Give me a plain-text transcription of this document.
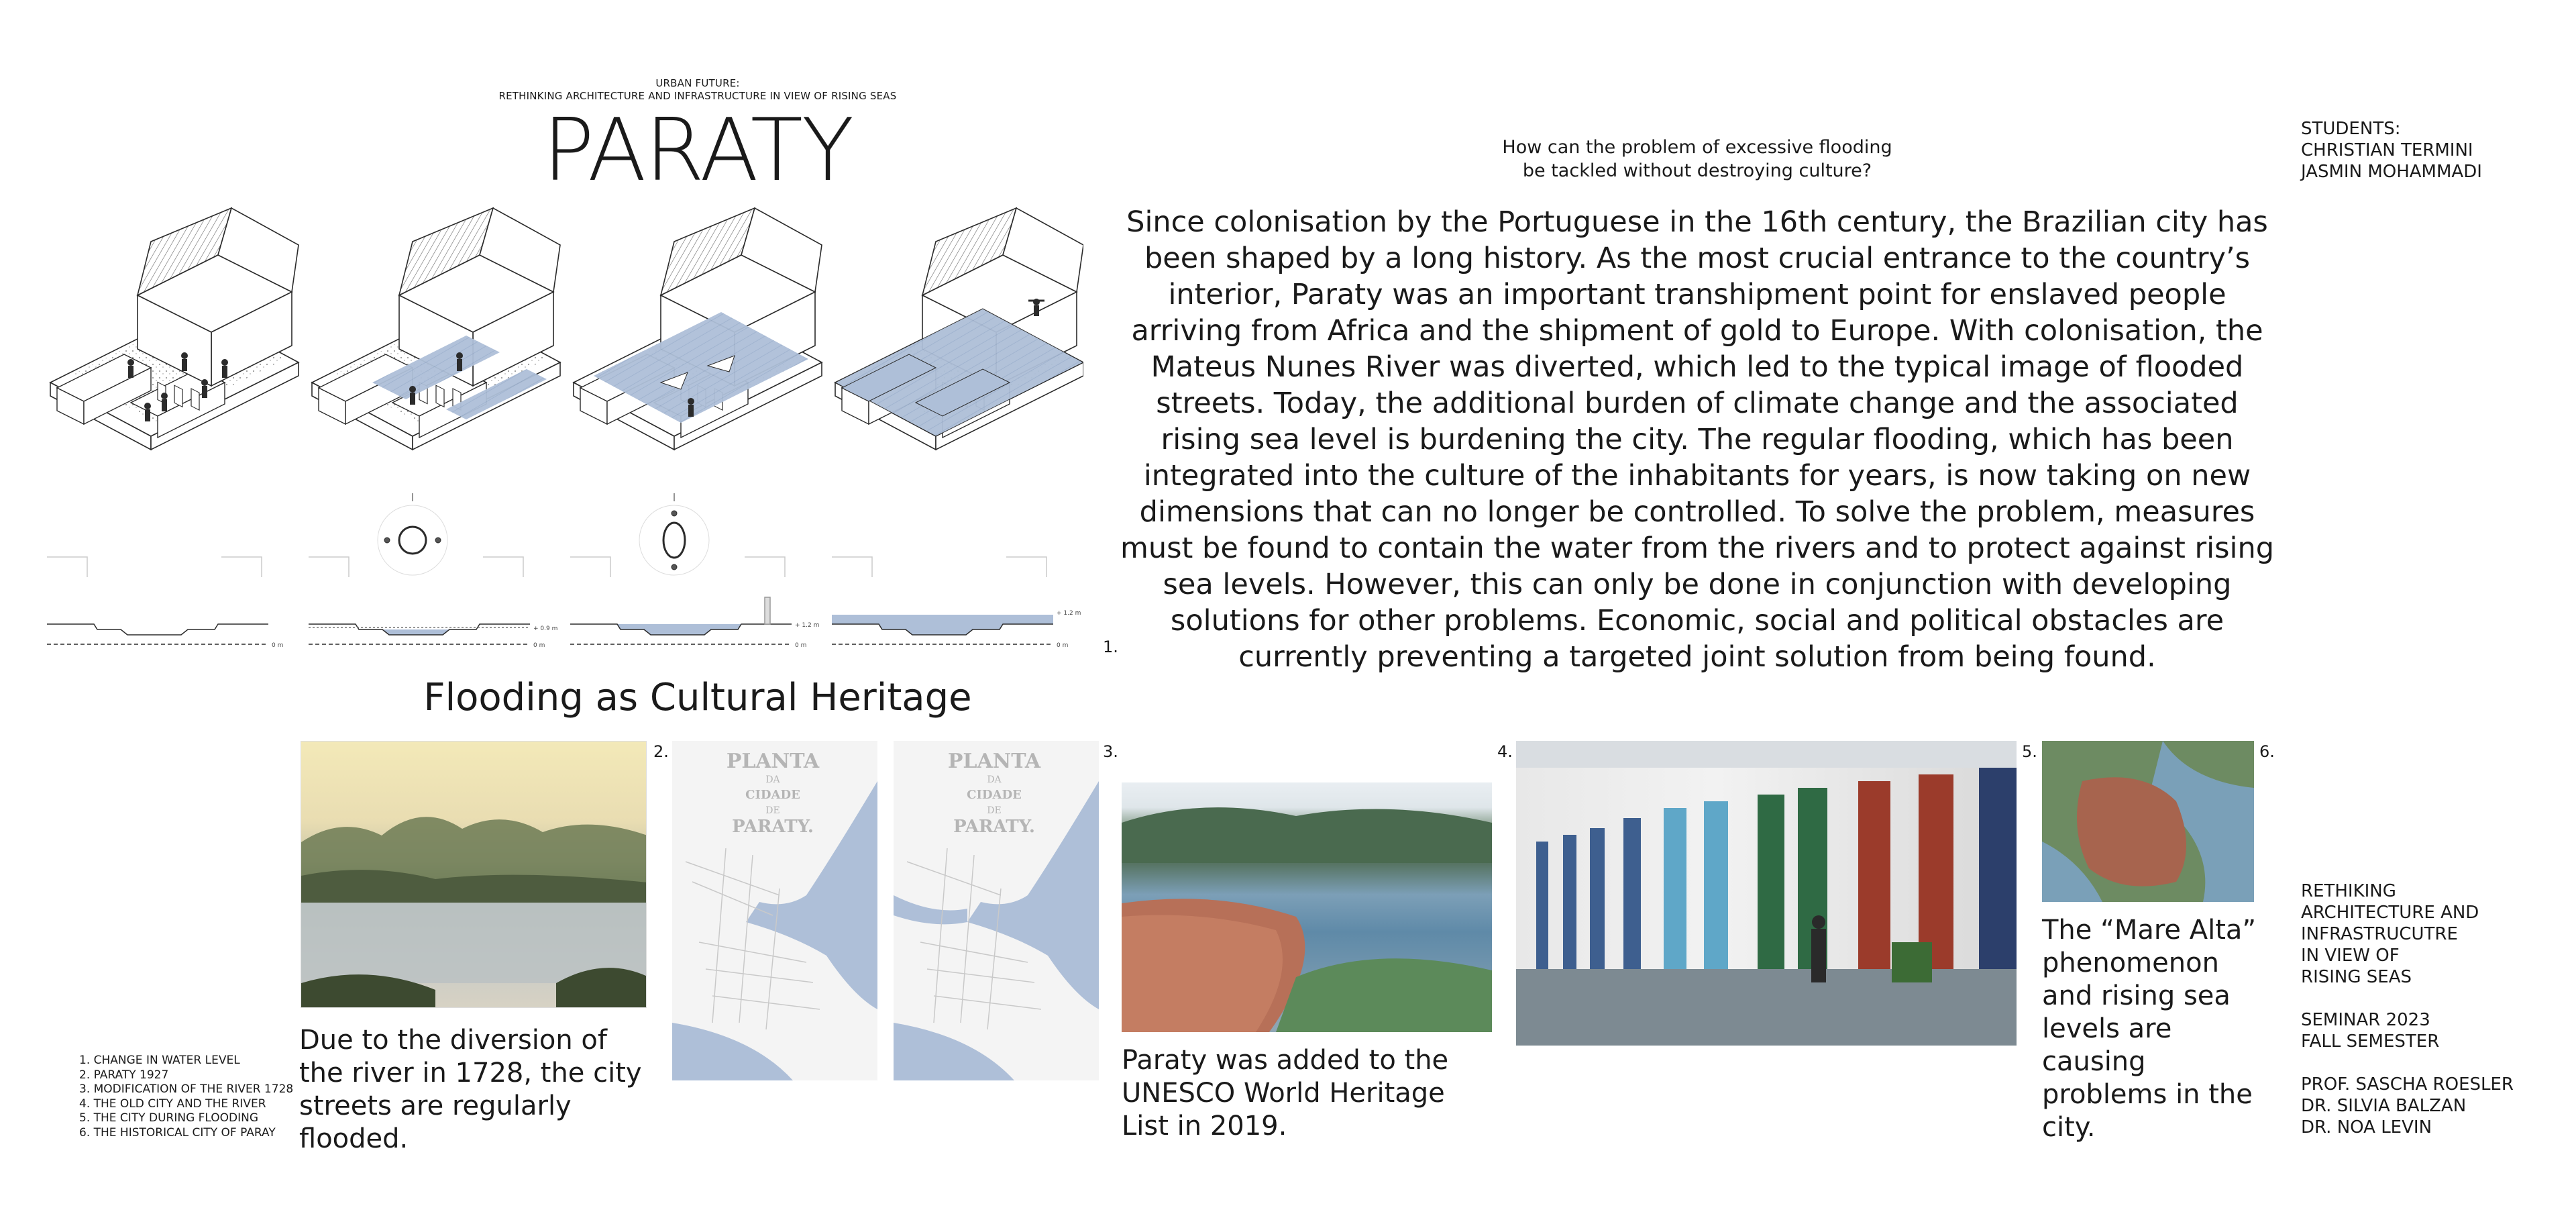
URBAN FUTURE:
RETHINKING ARCHITECTURE AND INFRASTRUCTURE IN VIEW OF RISING SEAS
PARATY	How can the problem of excessive flooding
be tackled without destroying culture?
STUDENTS:
CHRISTIAN TERMINI
JASMIN MOHAMMADI
Since colonisation by the Portuguese in the 16th century, the Brazilian city has been shaped by a long history. As the most crucial entrance to the country’s interior, Paraty was an important transhipment point for enslaved people arriving from Africa and the shipment of gold to Europe. With colonisation, the Mateus Nunes River was diverted, which led to the typical image of flooded streets. Today, the additional burden of climate change and the associated rising sea level is burdening the city. The regular flooding, which has been integrated into the culture of the inhabitants for years, is now taking on new dimensions that can no longer be controlled. To solve the problem, measures must be found to contain the water from the rivers and to protect against rising sea levels. However, this can only be done in conjunction with developing solutions for other problems. Economic, social and political obstacles are currently preventing a targeted joint solution from being found.
0 m
+ 0.9 m
0 m
+ 1.2 m
0 m
+ 1.2 m
0 m 1.
Flooding as Cultural Heritage
2.	PLANTA
DA
CIDADE
DE
PARATY.
PLANTA
DA
CIDADE
DE
PARATY.
3.	4.	5.	6.
Due to the diversion of the river in 1728, the city streets are regularly flooded.
Paraty was added to the UNESCO World Heritage List in 2019.
The “Mare Alta” phenomenon and rising sea levels are causing problems in the city.
1. CHANGE IN WATER LEVEL
2. PARATY 1927
3. MODIFICATION OF THE RIVER 1728
4. THE OLD CITY AND THE RIVER
5. THE CITY DURING FLOODING
6. THE HISTORICAL CITY OF PARAY

RETHIKING
ARCHITECTURE AND
INFRASTRUCUTRE
IN VIEW OF
RISING SEAS

SEMINAR 2023
FALL SEMESTER

PROF. SASCHA ROESLER
DR. SILVIA BALZAN
DR. NOA LEVIN
